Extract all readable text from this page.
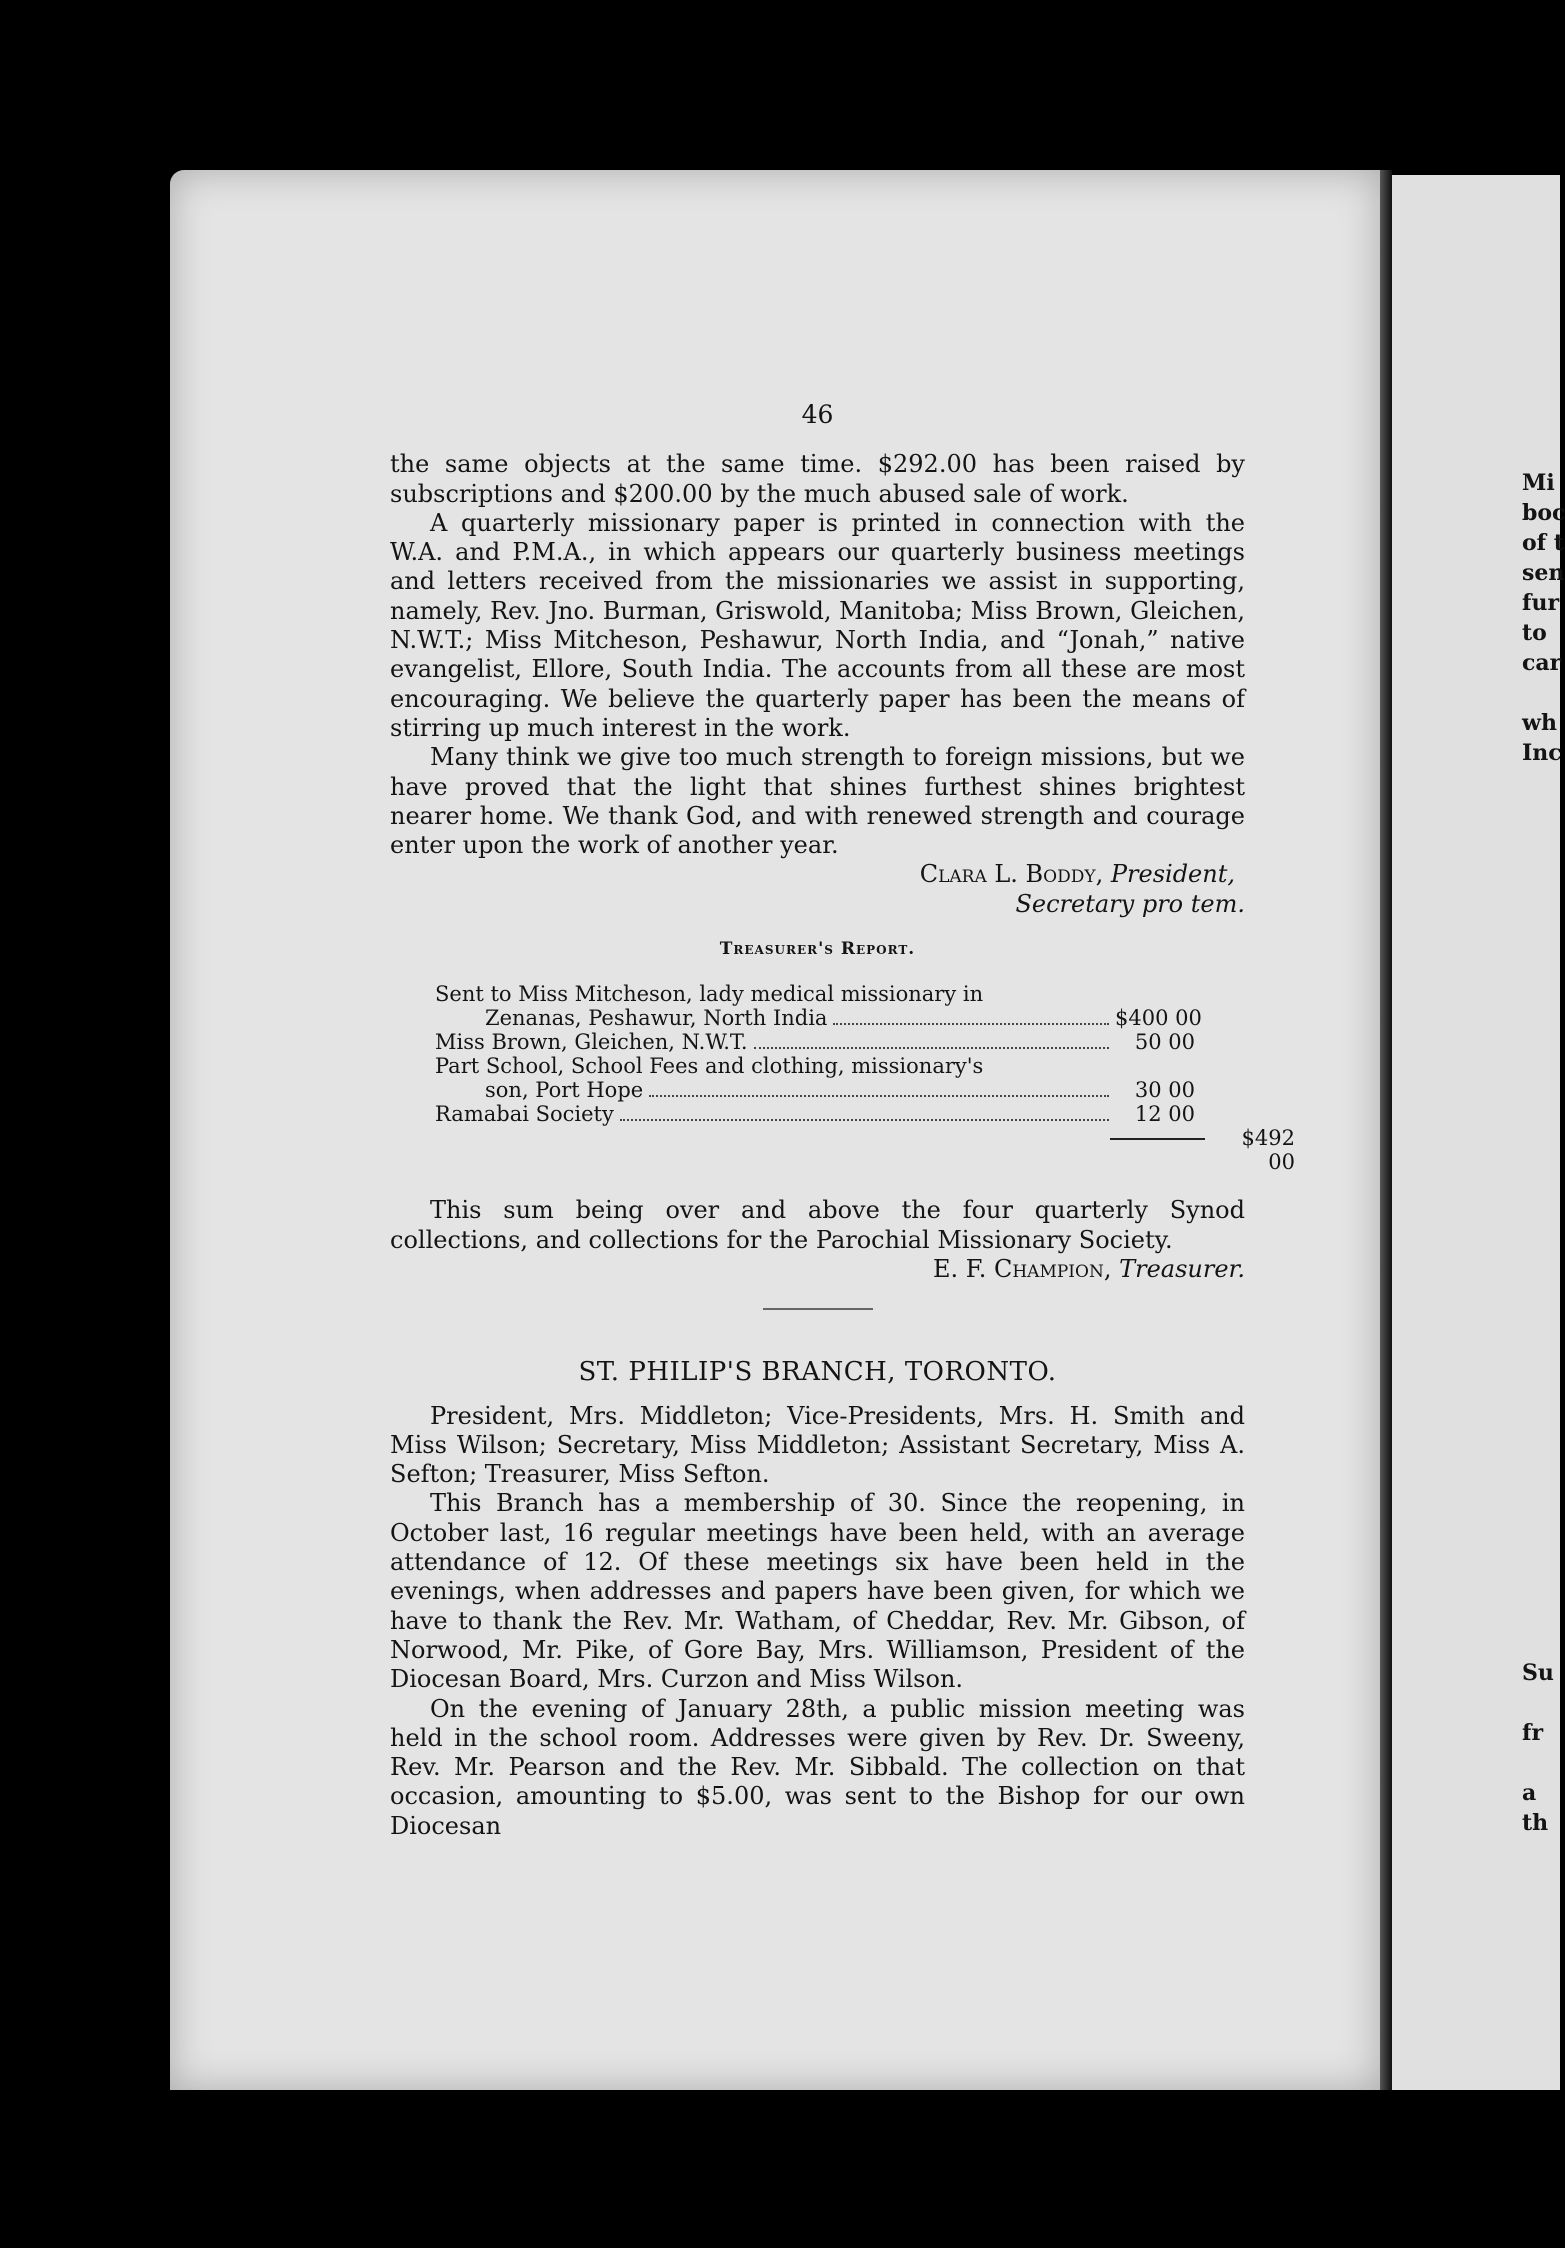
Mi
boc
of t
sen
fur
to
car
wh
Inc
Su
fr
a
th
46

the same objects at the same time. $292.00 has been raised by subscriptions and $200.00 by the much abused sale of work.

A quarterly missionary paper is printed in connection with the W.A. and P.M.A., in which appears our quarterly business meetings and letters received from the missionaries we assist in supporting, namely, Rev. Jno. Burman, Griswold, Manitoba; Miss Brown, Gleichen, N.W.T.; Miss Mitcheson, Peshawur, North India, and “Jonah,” native evangelist, Ellore, South India. The accounts from all these are most encouraging. We believe the quarterly paper has been the means of stirring up much interest in the work.

Many think we give too much strength to foreign missions, but we have proved that the light that shines furthest shines brightest nearer home. We thank God, and with renewed strength and courage enter upon the work of another year.

Clara L. Boddy, President,
Secretary pro tem.
Treasurer's Report.
Sent to Miss Mitcheson, lady medical missionary in
Zenanas, Peshawur, North India	$400 00
Miss Brown, Gleichen, N.W.T.	50 00
Part School, School Fees and clothing, missionary's
son, Port Hope	30 00
Ramabai Society	12 00
$492 00

This sum being over and above the four quarterly Synod collections, and collections for the Parochial Missionary Society.

E. F. Champion, Treasurer.
ST. PHILIP'S BRANCH, TORONTO.

President, Mrs. Middleton; Vice-Presidents, Mrs. H. Smith and Miss Wilson; Secretary, Miss Middleton; Assistant Secretary, Miss A. Sefton; Treasurer, Miss Sefton.

This Branch has a membership of 30. Since the reopening, in October last, 16 regular meetings have been held, with an average attendance of 12. Of these meetings six have been held in the evenings, when addresses and papers have been given, for which we have to thank the Rev. Mr. Watham, of Cheddar, Rev. Mr. Gibson, of Norwood, Mr. Pike, of Gore Bay, Mrs. Williamson, President of the Diocesan Board, Mrs. Curzon and Miss Wilson.

On the evening of January 28th, a public mission meeting was held in the school room. Addresses were given by Rev. Dr. Sweeny, Rev. Mr. Pearson and the Rev. Mr. Sibbald. The collection on that occasion, amounting to $5.00, was sent to the Bishop for our own Diocesan
